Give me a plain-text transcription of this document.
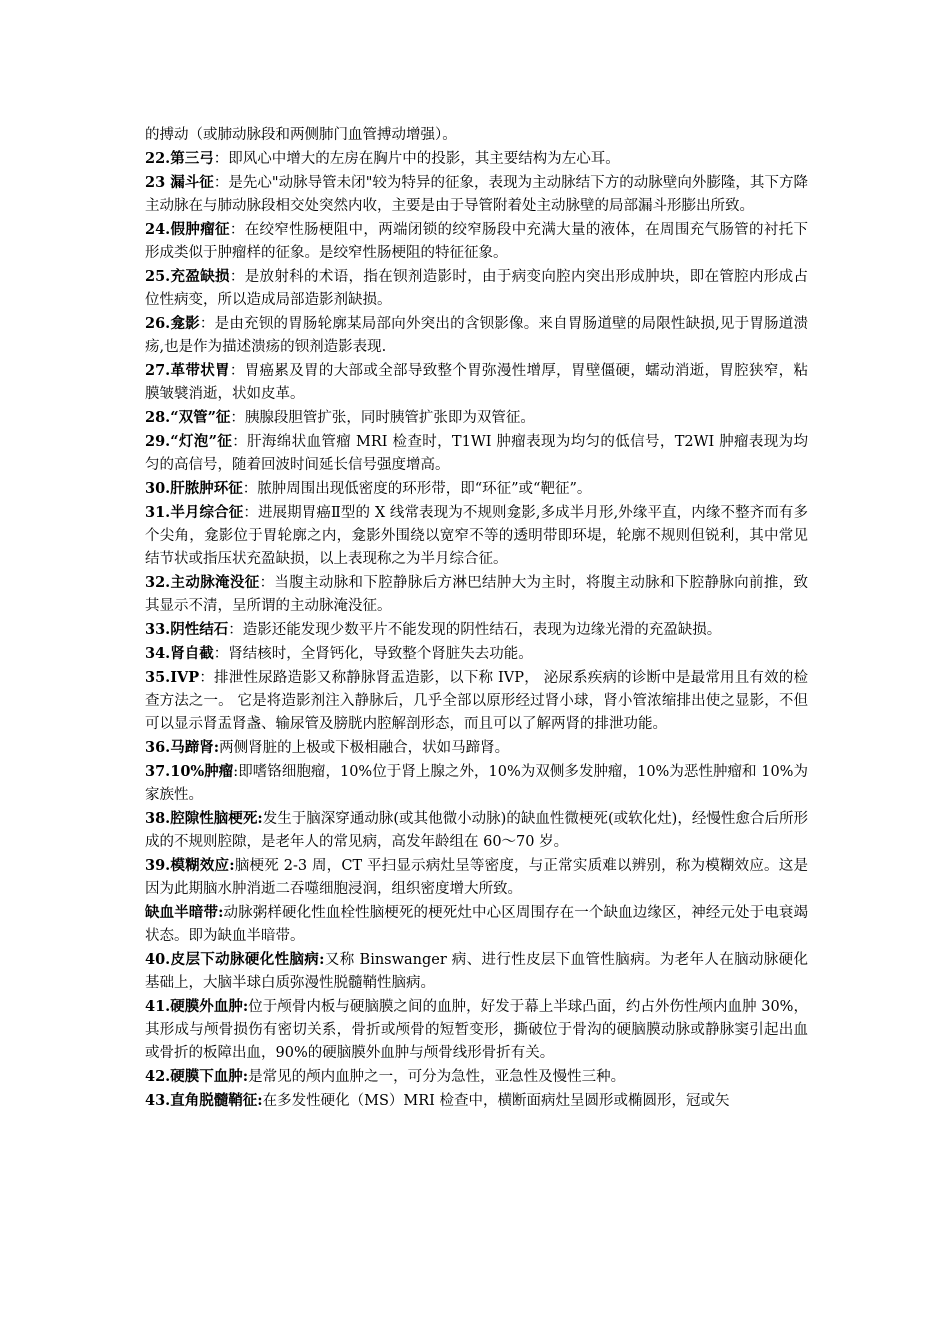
的搏动（或肺动脉段和两侧肺门血管搏动增强）。

22.第三弓：即风心中增大的左房在胸片中的投影，其主要结构为左心耳。

23 漏斗征：是先心"动脉导管未闭"较为特异的征象，表现为主动脉结下方的动脉壁向外膨隆，其下方降主动脉在与肺动脉段相交处突然内收，主要是由于导管附着处主动脉壁的局部漏斗形膨出所致。

24.假肿瘤征：在绞窄性肠梗阻中，两端闭锁的绞窄肠段中充满大量的液体，在周围充气肠管的衬托下形成类似于肿瘤样的征象。是绞窄性肠梗阻的特征征象。

25.充盈缺损：是放射科的术语，指在钡剂造影时，由于病变向腔内突出形成肿块，即在管腔内形成占位性病变，所以造成局部造影剂缺损。

26.龛影：是由充钡的胃肠轮廓某局部向外突出的含钡影像。来自胃肠道壁的局限性缺损,见于胃肠道溃疡,也是作为描述溃疡的钡剂造影表现.

27.革带状胃：胃癌累及胃的大部或全部导致整个胃弥漫性增厚，胃壁僵硬，蠕动消逝，胃腔狭窄，粘膜皱襞消逝，状如皮革。

28.“双管”征：胰腺段胆管扩张，同时胰管扩张即为双管征。

29.“灯泡”征：肝海绵状血管瘤 MRI 检查时，T1WI 肿瘤表现为均匀的低信号，T2WI 肿瘤表现为均匀的高信号，随着回波时间延长信号强度增高。

30.肝脓肿环征：脓肿周围出现低密度的环形带，即“环征”或“靶征”。

31.半月综合征：进展期胃癌Ⅱ型的 X 线常表现为不规则龛影,多成半月形,外缘平直，内缘不整齐而有多个尖角，龛影位于胃轮廓之内，龛影外围绕以宽窄不等的透明带即环堤，轮廓不规则但锐利，其中常见结节状或指压状充盈缺损，以上表现称之为半月综合征。

32.主动脉淹没征：当腹主动脉和下腔静脉后方淋巴结肿大为主时，将腹主动脉和下腔静脉向前推，致其显示不清，呈所谓的主动脉淹没征。

33.阴性结石：造影还能发现少数平片不能发现的阴性结石，表现为边缘光滑的充盈缺损。

34.肾自截：肾结核时，全肾钙化，导致整个肾脏失去功能。

35.IVP：排泄性尿路造影又称静脉肾盂造影，以下称 IVP， 泌尿系疾病的诊断中是最常用且有效的检查方法之一。 它是将造影剂注入静脉后，几乎全部以原形经过肾小球，肾小管浓缩排出使之显影，不但可以显示肾盂肾盏、输尿管及膀胱内腔解剖形态，而且可以了解两肾的排泄功能。

36.马蹄肾:两侧肾脏的上极或下极相融合，状如马蹄肾。

37.10%肿瘤:即嗜铬细胞瘤，10%位于肾上腺之外，10%为双侧多发肿瘤，10%为恶性肿瘤和 10%为家族性。

38.腔隙性脑梗死:发生于脑深穿通动脉(或其他微小动脉)的缺血性微梗死(或软化灶)，经慢性愈合后所形成的不规则腔隙，是老年人的常见病，高发年龄组在 60～70 岁。

39.模糊效应:脑梗死 2-3 周，CT 平扫显示病灶呈等密度，与正常实质难以辨别，称为模糊效应。这是因为此期脑水肿消逝二吞噬细胞浸润，组织密度增大所致。

缺血半暗带:动脉粥样硬化性血栓性脑梗死的梗死灶中心区周围存在一个缺血边缘区，神经元处于电衰竭状态。即为缺血半暗带。

40.皮层下动脉硬化性脑病:又称 Binswanger 病、进行性皮层下血管性脑病。为老年人在脑动脉硬化基础上，大脑半球白质弥漫性脱髓鞘性脑病。

41.硬膜外血肿:位于颅骨内板与硬脑膜之间的血肿，好发于幕上半球凸面，约占外伤性颅内血肿 30%，其形成与颅骨损伤有密切关系，骨折或颅骨的短暂变形，撕破位于骨沟的硬脑膜动脉或静脉窦引起出血或骨折的板障出血，90%的硬脑膜外血肿与颅骨线形骨折有关。

42.硬膜下血肿:是常见的颅内血肿之一，可分为急性，亚急性及慢性三种。

43.直角脱髓鞘征:在多发性硬化（MS）MRI 检查中，横断面病灶呈圆形或椭圆形，冠或矢
